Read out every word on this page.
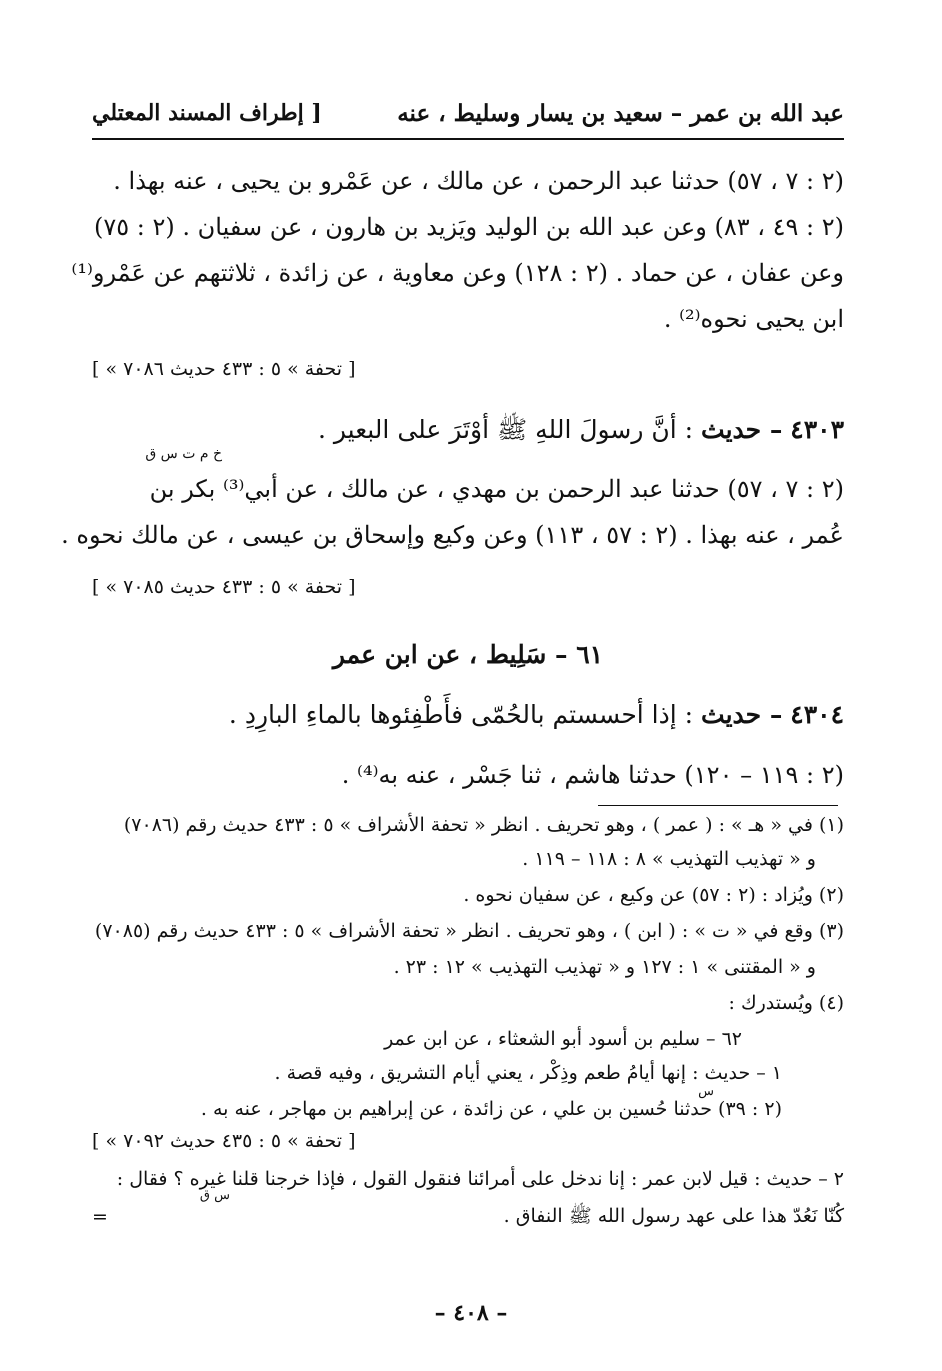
عبد الله بن عمر – سعيد بن يسار وسليط ، عنه
[ إطراف المسند المعتلي
(٢ : ٧ ، ٥٧) حدثنا عبد الرحمن ، عن مالك ، عن عَمْرو بن يحيى ، عنه بهذا .
(٢ : ٤٩ ، ٨٣) وعن عبد الله بن الوليد ويَزيد بن هارون ، عن سفيان . (٢ : ٧٥)
وعن عفان ، عن حماد . (٢ : ١٢٨) وعن معاوية ، عن زائدة ، ثلاثتهم عن عَمْرو⁽¹⁾
ابن يحيى نحوه⁽²⁾ .
[ « تحفة » ٥ : ٤٣٣ حديث ٧٠٨٦ ]
٤٣٠٣ – حديث : أنَّ رسولَ اللهِ ﷺ أوْتَرَ على البعير .
خ م ت س ق
(٢ : ٧ ، ٥٧) حدثنا عبد الرحمن بن مهدي ، عن مالك ، عن أبي⁽³⁾ بكر بن
عُمر ، عنه بهذا . (٢ : ٥٧ ، ١١٣) وعن وكيع وإسحاق بن عيسى ، عن مالك نحوه .
[ « تحفة » ٥ : ٤٣٣ حديث ٧٠٨٥ ]
٦١ – سَلِيط ، عن ابن عمر
٤٣٠٤ – حديث : إذا أحسستم بالحُمّى فأَطْفِئوها بالماءِ البارِدِ .
(٢ : ١١٩ – ١٢٠) حدثنا هاشم ، ثنا جَسْر ، عنه به⁽⁴⁾ .
(١) في « هـ » : ( عمر ) ، وهو تحريف . انظر « تحفة الأشراف » ٥ : ٤٣٣ حديث رقم (٧٠٨٦)
و « تهذيب التهذيب » ٨ : ١١٨ – ١١٩ .
(٢) ويُزاد : (٢ : ٥٧) عن وكيع ، عن سفيان نحوه .
(٣) وقع في « ت » : ( ابن ) ، وهو تحريف . انظر « تحفة الأشراف » ٥ : ٤٣٣ حديث رقم (٧٠٨٥)
و « المقتنى » ١ : ١٢٧ و « تهذيب التهذيب » ١٢ : ٢٣ .
(٤) ويُستدرك :
٦٢ – سليم بن أسود أبو الشعثاء ، عن ابن عمر
١ – حديث : إنها أيامُ طعم وذِكْر ، يعني أيام التشريق ، وفيه قصة .
س
(٢ : ٣٩) حدثنا حُسين بن علي ، عن زائدة ، عن إبراهيم بن مهاجر ، عنه به .
[ « تحفة » ٥ : ٤٣٥ حديث ٧٠٩٢ ]
٢ – حديث : قيل لابن عمر : إنا ندخل على أمرائنا فنقول القول ، فإذا خرجنا قلنا غيره ؟ فقال :
س ق
كُنّا نَعُدّ هذا على عهد رسول الله ﷺ النفاق .
=
– ٤٠٨ –
